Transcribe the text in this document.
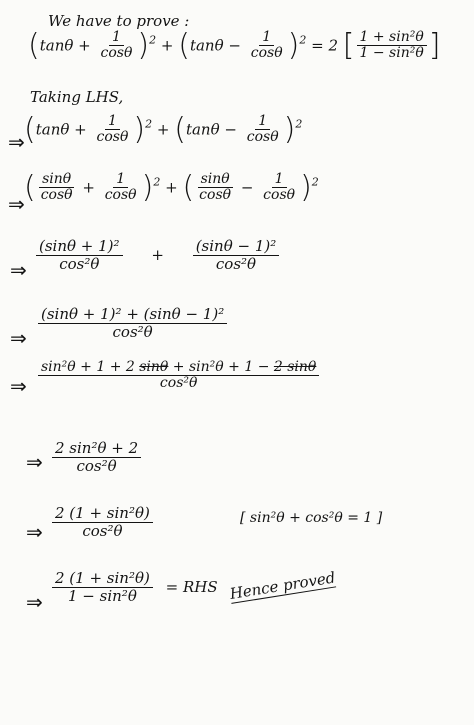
We have to prove :
$(\tan\theta + \frac{1}{\cos\theta} )^2 + (\tan\theta - \frac{1}{\cos\theta} )^2 = 2$ [ $\frac{\text{1 + sin²θ}}{\text{1 − sin²θ}}$ ]
Taking LHS,
⇒ $(\tan\theta + \frac{1}{\cos\theta} )^2 + (\tan\theta - \frac{1}{\cos\theta} )^2$
⇒ ( $\frac{\sin\theta}{\cos\theta} + \frac{1}{\cos\theta} )^2$ + ( $\frac{\sin\theta}{\cos\theta} - \frac{1}{\cos\theta} )^2$
⇒ $\frac{\text{(sinθ + 1)²}}{\text{cos²θ}} + \frac{\text{(sinθ − 1)²}}{\text{cos²θ}}$
⇒ $\frac{\text{(sinθ + 1)² + (sinθ − 1)²}}{\text{cos²θ}}$
⇒ $\frac{\text{sin²θ + 1 + 2 sinθ + sin²θ + 1 − 2 sinθ}}{\text{cos²θ}}$
⇒ $\frac{\text{2 sin²θ + 2}}{\text{cos²θ}}$
⇒ $\frac{\text{2 (1 + sin²θ)}}{\text{cos²θ}}$	[ sin²θ + cos²θ = 1 ]
⇒ $\frac{\text{2 (1 + sin²θ)}}{\text{1 − sin²θ}}$ = RHS Hence proved
